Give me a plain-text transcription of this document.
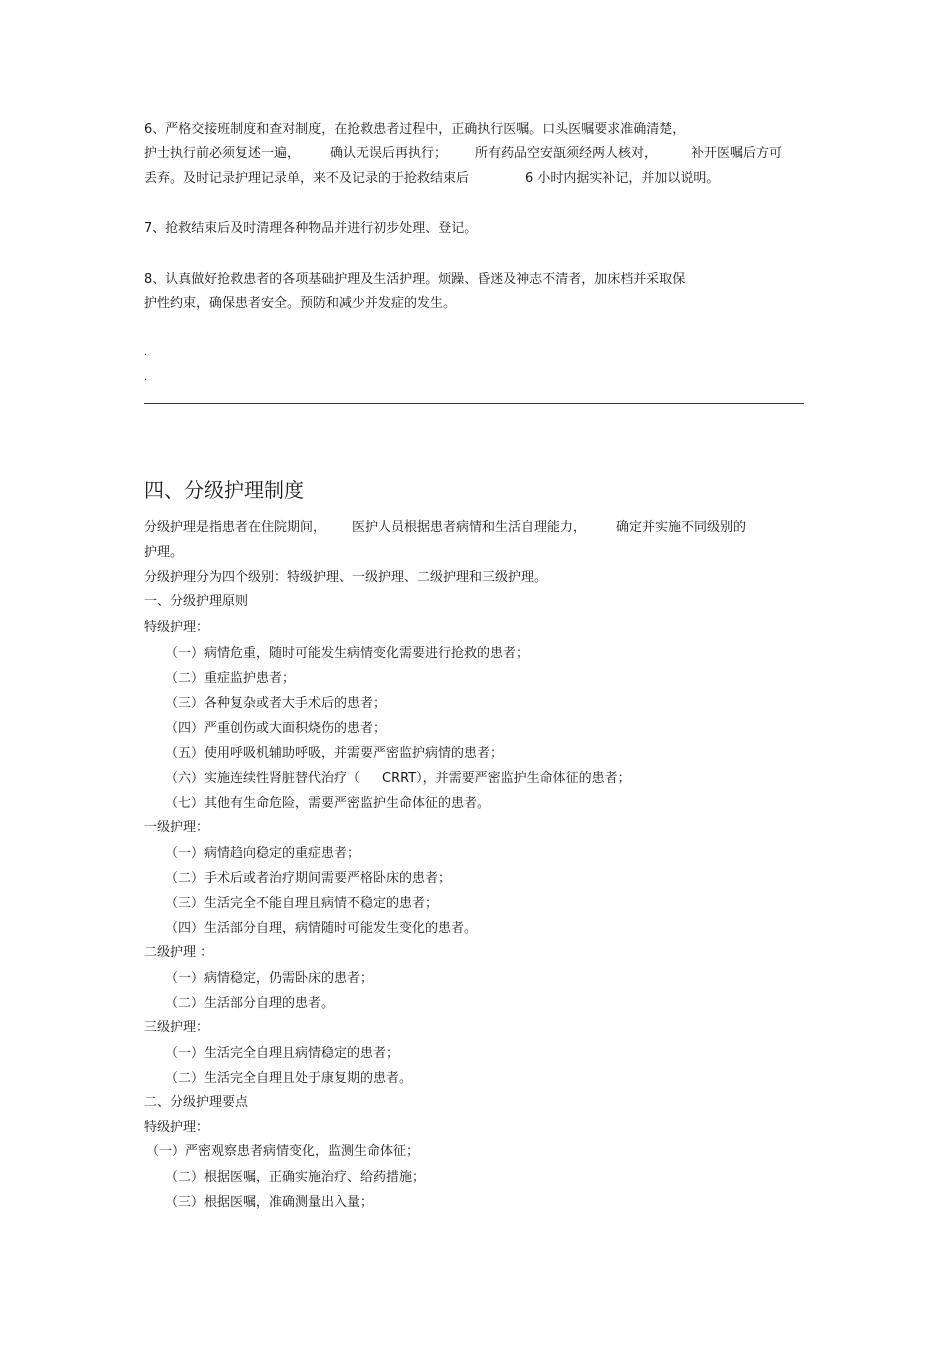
6、严格交接班制度和查对制度，在抢救患者过程中，正确执行医嘱。口头医嘱要求准确清楚，
护士执行前必须复述一遍， 确认无误后再执行； 所有药品空安瓿须经两人核对，	补开医嘱后方可
丢弃。及时记录护理记录单，来不及记录的于抢救结束后	6 小时内据实补记，并加以说明。
7、抢救结束后及时清理各种物品并进行初步处理、登记。
8、认真做好抢救患者的各项基础护理及生活护理。烦躁、昏迷及神志不清者，加床档并采取保
护性约束，确保患者安全。预防和减少并发症的发生。
.
.
四、分级护理制度
分级护理是指患者在住院期间， 医护人员根据患者病情和生活自理能力， 确定并实施不同级别的
护理。
分级护理分为四个级别：特级护理、一级护理、二级护理和三级护理。
一、分级护理原则
特级护理：
（一）病情危重，随时可能发生病情变化需要进行抢救的患者；
（二）重症监护患者；
（三）各种复杂或者大手术后的患者；
（四）严重创伤或大面积烧伤的患者；
（五）使用呼吸机辅助呼吸，并需要严密监护病情的患者；
（六）实施连续性肾脏替代治疗（ CRRT），并需要严密监护生命体征的患者；
（七）其他有生命危险，需要严密监护生命体征的患者。
一级护理：
（一）病情趋向稳定的重症患者；
（二）手术后或者治疗期间需要严格卧床的患者；
（三）生活完全不能自理且病情不稳定的患者；
（四）生活部分自理，病情随时可能发生变化的患者。
二级护理 ：
（一）病情稳定，仍需卧床的患者；
（二）生活部分自理的患者。
三级护理：
（一）生活完全自理且病情稳定的患者；
（二）生活完全自理且处于康复期的患者。
二、分级护理要点
特级护理：
（一）严密观察患者病情变化，监测生命体征；
（二）根据医嘱，正确实施治疗、给药措施；
（三）根据医嘱，准确测量出入量；
